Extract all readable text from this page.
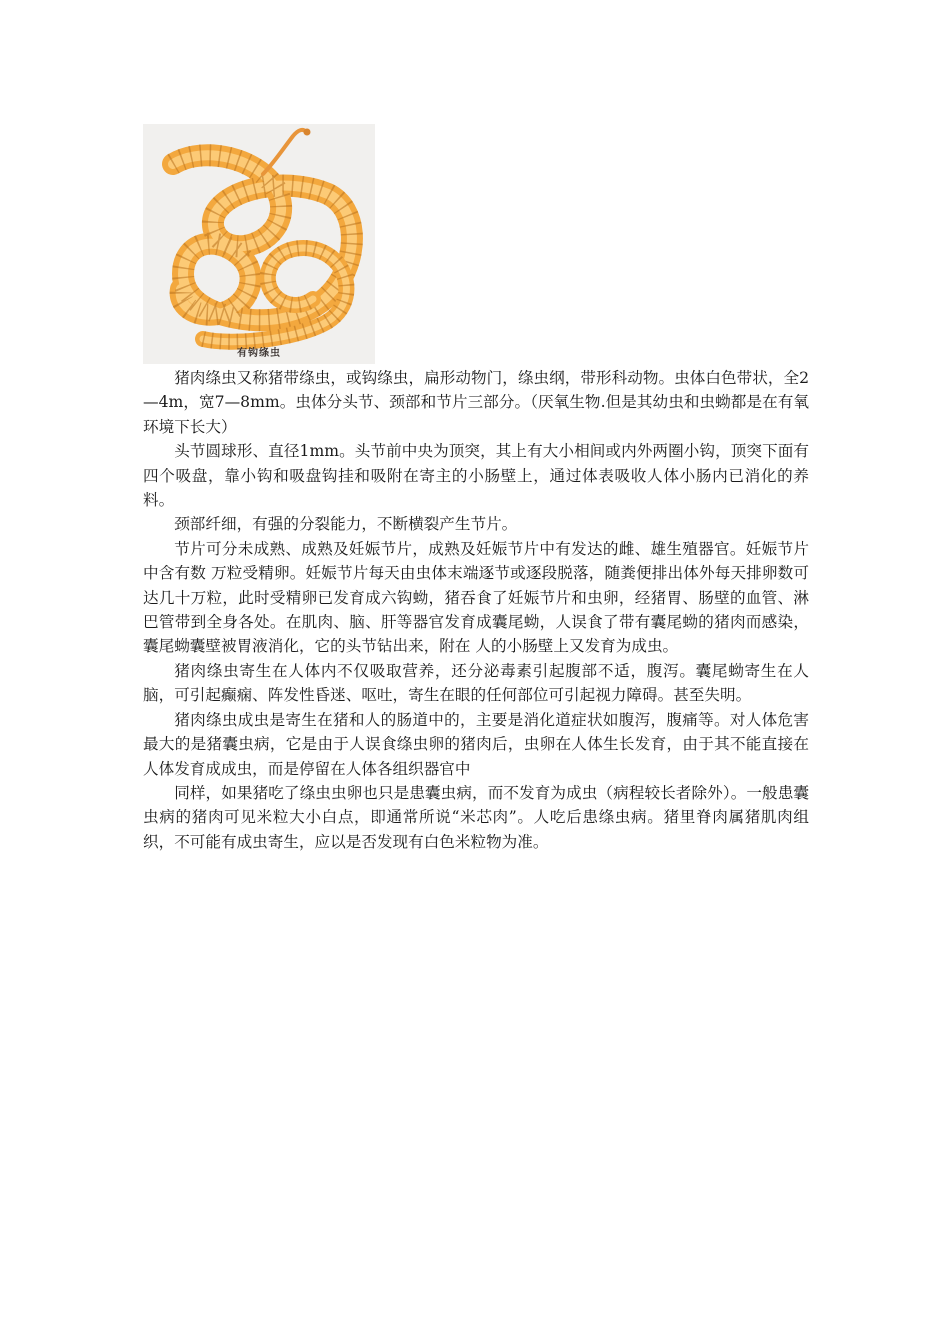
有钩绦虫

猪肉绦虫又称猪带绦虫，或钩绦虫，扁形动物门，绦虫纲，带形科动物。虫体白色带状，全2—4m，宽7—8mm。虫体分头节、颈部和节片三部分。（厌氧生物.但是其幼虫和虫蚴都是在有氧环境下长大）

头节圆球形、直径1mm。头节前中央为顶突，其上有大小相间或内外两圈小钩，顶突下面有四个吸盘，靠小钩和吸盘钩挂和吸附在寄主的小肠壁上，通过体表吸收人体小肠内已消化的养料。

颈部纤细，有强的分裂能力，不断横裂产生节片。

节片可分未成熟、成熟及妊娠节片，成熟及妊娠节片中有发达的雌、雄生殖器官。妊娠节片中含有数 万粒受精卵。妊娠节片每天由虫体末端逐节或逐段脱落，随粪便排出体外每天排卵数可达几十万粒，此时受精卵已发育成六钩蚴，猪吞食了妊娠节片和虫卵，经猪胃、肠壁的血管、淋巴管带到全身各处。在肌肉、脑、肝等器官发育成囊尾蚴，人误食了带有囊尾蚴的猪肉而感染，囊尾蚴囊壁被胃液消化，它的头节钻出来，附在 人的小肠壁上又发育为成虫。

猪肉绦虫寄生在人体内不仅吸取营养，还分泌毒素引起腹部不适，腹泻。囊尾蚴寄生在人脑，可引起癫痫、阵发性昏迷、呕吐，寄生在眼的任何部位可引起视力障碍。甚至失明。

猪肉绦虫成虫是寄生在猪和人的肠道中的，主要是消化道症状如腹泻，腹痛等。对人体危害最大的是猪囊虫病，它是由于人误食绦虫卵的猪肉后，虫卵在人体生长发育，由于其不能直接在人体发育成成虫，而是停留在人体各组织器官中

同样，如果猪吃了绦虫虫卵也只是患囊虫病，而不发育为成虫（病程较长者除外）。一般患囊虫病的猪肉可见米粒大小白点，即通常所说“米芯肉”。人吃后患绦虫病。猪里脊肉属猪肌肉组织，不可能有成虫寄生，应以是否发现有白色米粒物为准。
